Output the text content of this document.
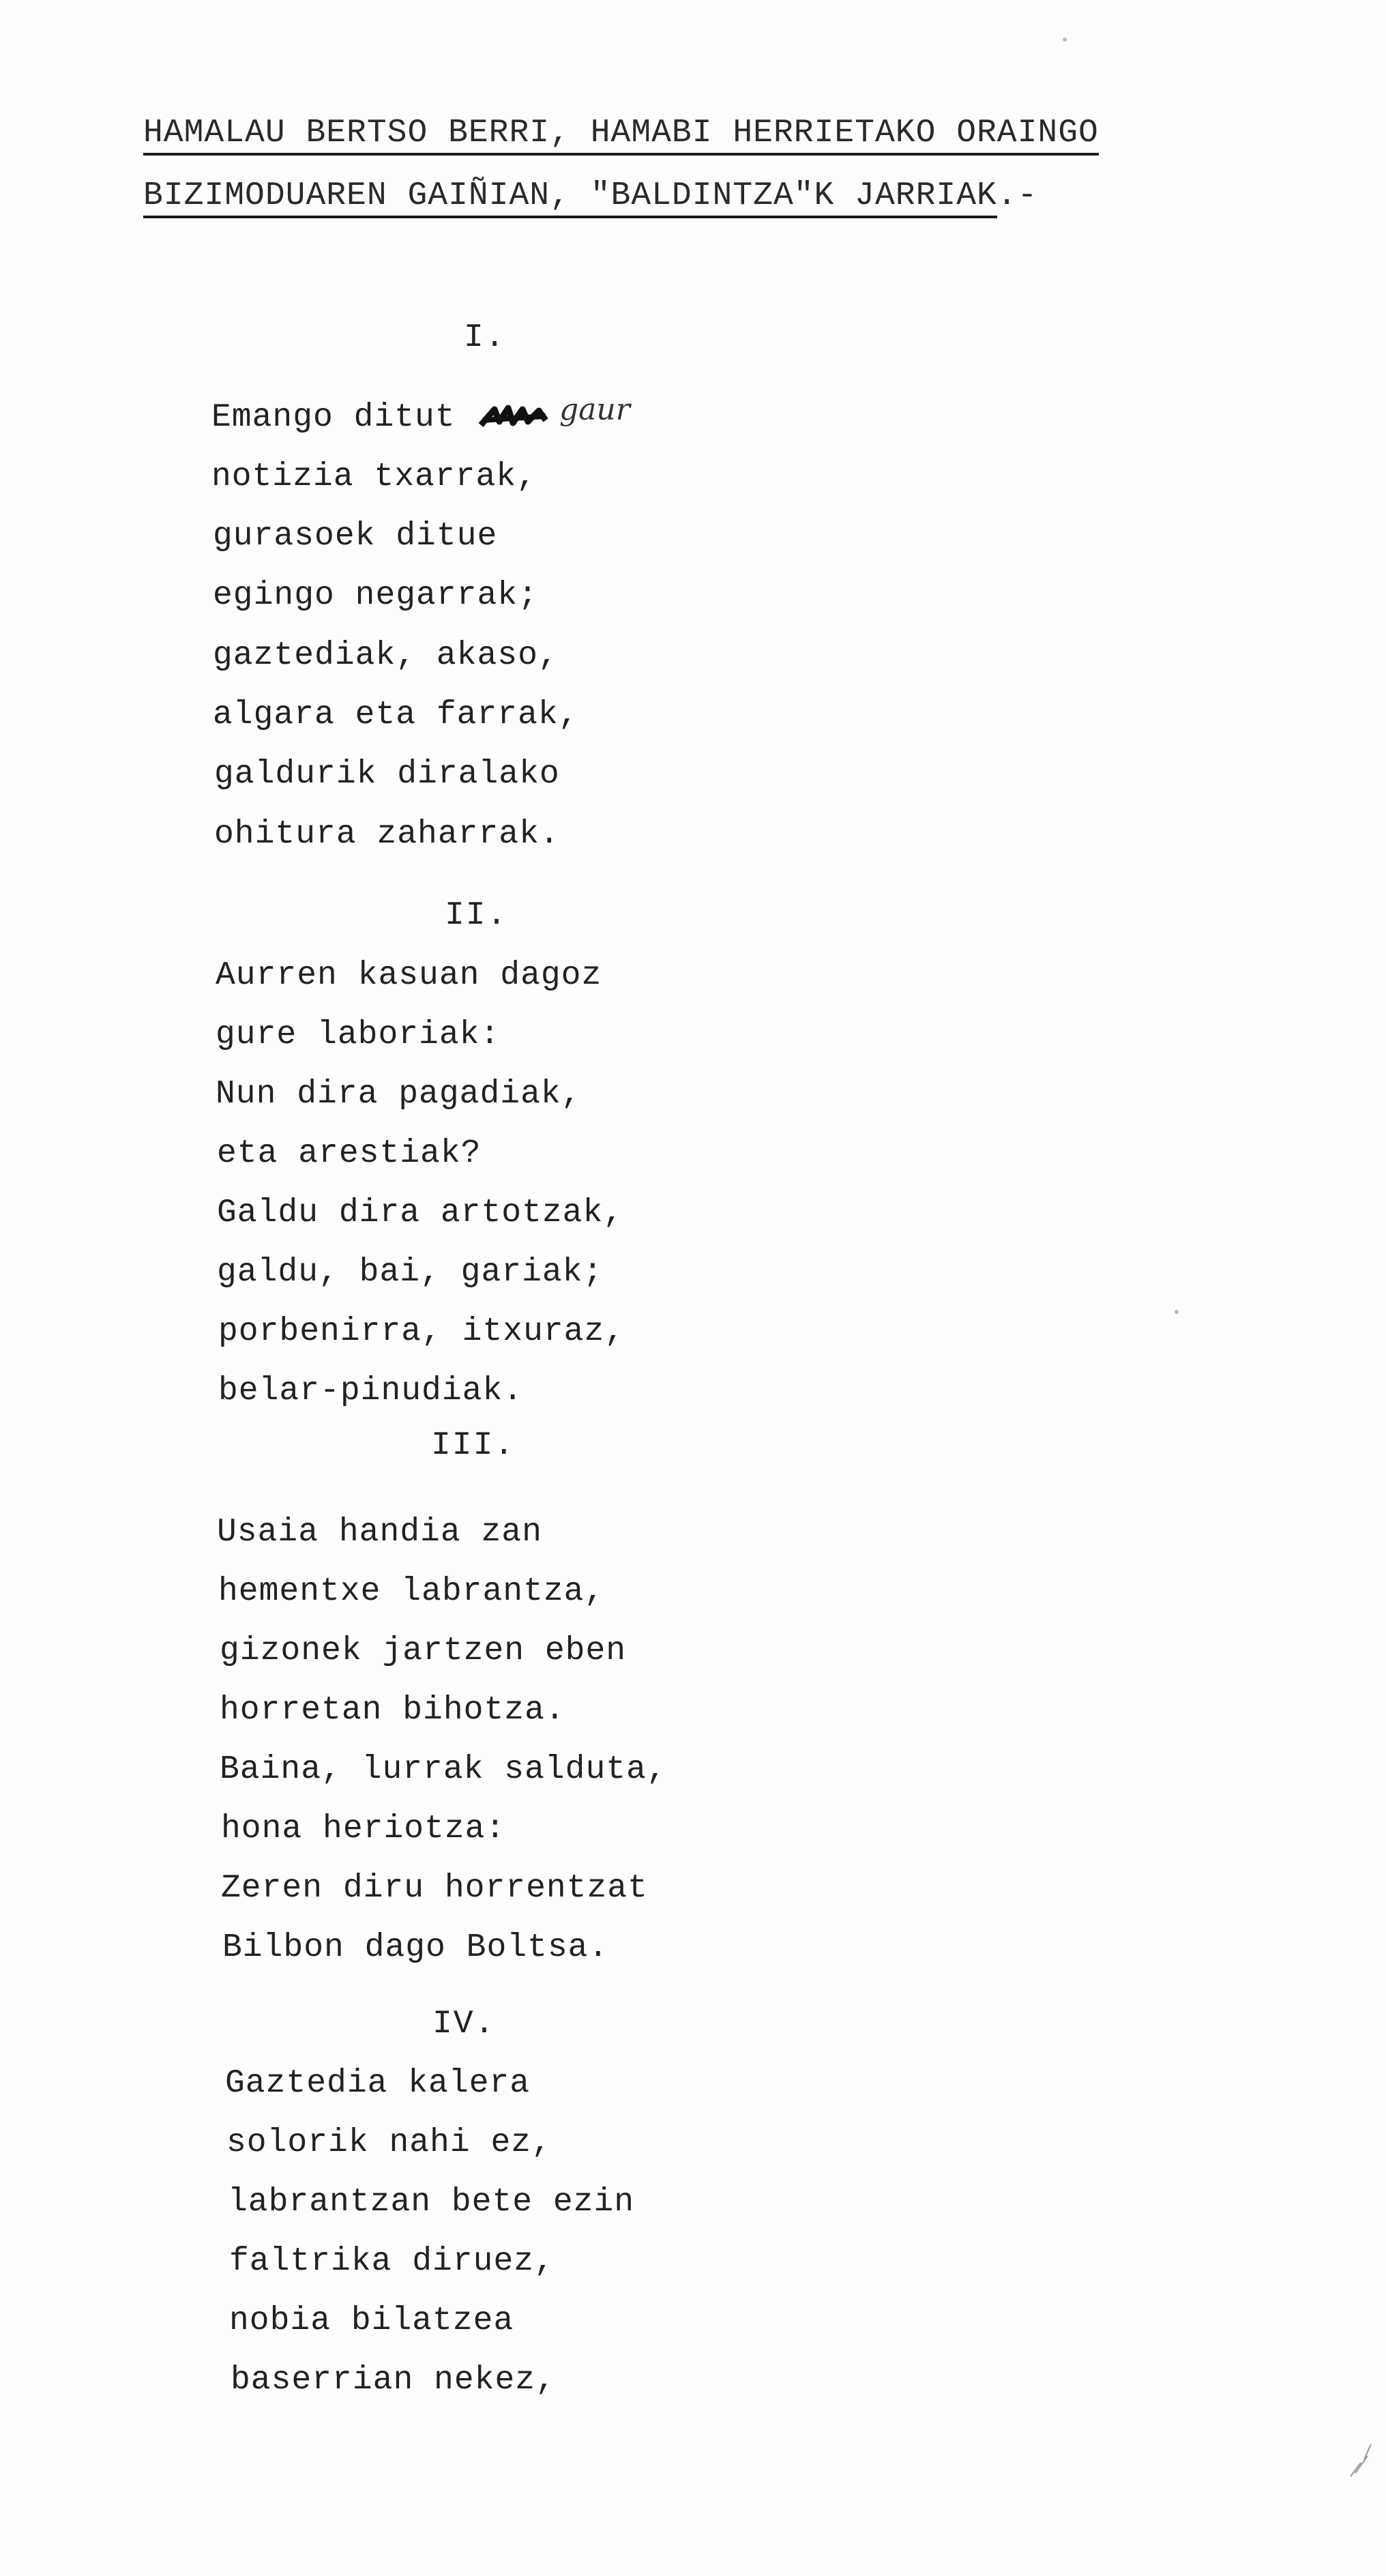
HAMALAU BERTSO BERRI, HAMABI HERRIETAKO ORAINGO
BIZIMODUAREN GAIÑIAN, "BALDINTZA"K JARRIAK.-
I.
Emango ditut	gaur
notizia txarrak,
gurasoek ditue
egingo negarrak;
gaztediak, akaso,
algara eta farrak,
galdurik diralako
ohitura zaharrak.
II.
Aurren kasuan dagoz
gure laboriak:
Nun dira pagadiak,
eta arestiak?
Galdu dira artotzak,
galdu, bai, gariak;
porbenirra, itxuraz,
belar-pinudiak.
III.
Usaia handia zan
hementxe labrantza,
gizonek jartzen eben
horretan bihotza.
Baina, lurrak salduta,
hona heriotza:
Zeren diru horrentzat
Bilbon dago Boltsa.
IV.
Gaztedia kalera
solorik nahi ez,
labrantzan bete ezin
faltrika diruez,
nobia bilatzea
baserrian nekez,
